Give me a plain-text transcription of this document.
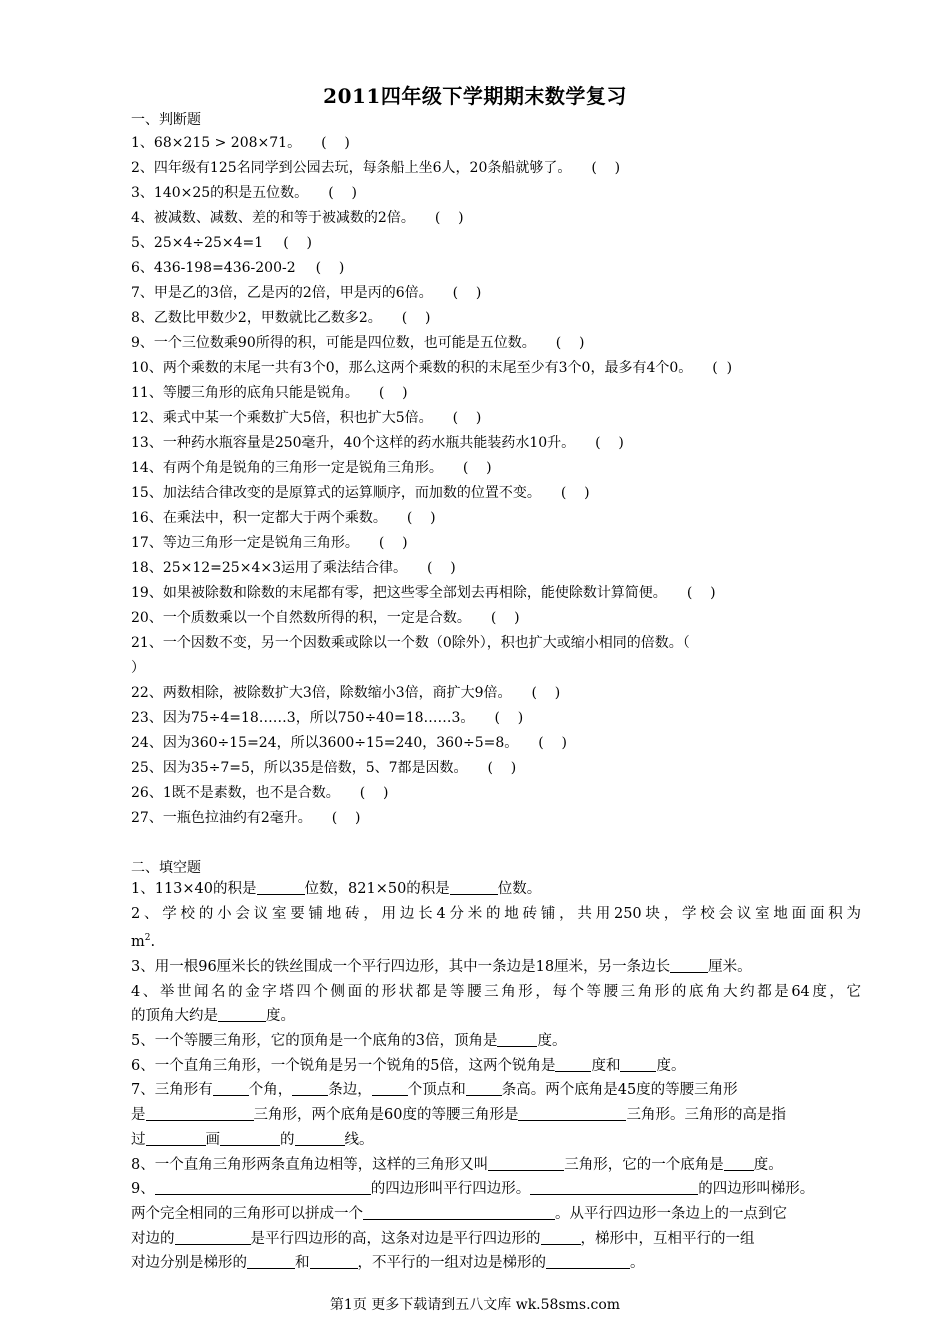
2011四年级下学期期末数学复习
一、判断题
1、68×215 > 208×71。 (    )
2、四年级有125名同学到公园去玩，每条船上坐6人，20条船就够了。 (    )
3、140×25的积是五位数。 (    )
4、被减数、减数、差的和等于被减数的2倍。 (    )
5、25×4÷25×4=1 (    )
6、436-198=436-200-2 (    )
7、甲是乙的3倍，乙是丙的2倍，甲是丙的6倍。 (    )
8、乙数比甲数少2，甲数就比乙数多2。 (    )
9、一个三位数乘90所得的积，可能是四位数，也可能是五位数。 (    )
10、两个乘数的末尾一共有3个0，那么这两个乘数的积的末尾至少有3个0，最多有4个0。 (  )
11、等腰三角形的底角只能是锐角。 (    )
12、乘式中某一个乘数扩大5倍，积也扩大5倍。 (    )
13、一种药水瓶容量是250毫升，40个这样的药水瓶共能装药水10升。 (    )
14、有两个角是锐角的三角形一定是锐角三角形。 (    )
15、加法结合律改变的是原算式的运算顺序，而加数的位置不变。 (    )
16、在乘法中，积一定都大于两个乘数。 (    )
17、等边三角形一定是锐角三角形。 (    )
18、25×12=25×4×3运用了乘法结合律。 (    )
19、如果被除数和除数的末尾都有零，把这些零全部划去再相除，能使除数计算简便。 (    )
20、一个质数乘以一个自然数所得的积，一定是合数。 (    )
21、一个因数不变，另一个因数乘或除以一个数（0除外），积也扩大或缩小相同的倍数。（
）
22、两数相除，被除数扩大3倍，除数缩小3倍，商扩大9倍。 (    )
23、因为75÷4=18……3，所以750÷40=18……3。 (    )
24、因为360÷15=24，所以3600÷15=240，360÷5=8。 (    )
25、因为35÷7=5，所以35是倍数，5、7都是因数。 (    )
26、1既不是素数，也不是合数。 (    )
27、一瓶色拉油约有2毫升。 (    )
二、填空题
1、113×40的积是	位数，821×50的积是	位数。
2、学校的小会议室要铺地砖，用边长4分米的地砖铺，共用250块，学校会议室地面面积为
$m^2$.
3、用一根96厘米长的铁丝围成一个平行四边形，其中一条边是18厘米，另一条边长	厘米。
4、举世闻名的金字塔四个侧面的形状都是等腰三角形，每个等腰三角形的底角大约都是64度，它
的顶角大约是	度。
5、一个等腰三角形，它的顶角是一个底角的3倍，顶角是	度。
6、一个直角三角形，一个锐角是另一个锐角的5倍，这两个锐角是 度和 度。
7、三角形有 个角， 条边， 个顶点和 条高。两个底角是45度的等腰三角形
是	三角形，两个底角是60度的等腰三角形是	三角形。三角形的高是指
过	画	的	线。
8、一个直角三角形两条直角边相等，这样的三角形又叫	三角形，它的一个底角是 度。
9、	的四边形叫平行四边形。	的四边形叫梯形。
两个完全相同的三角形可以拼成一个	。从平行四边形一条边上的一点到它
对边的	是平行四边形的高，这条对边是平行四边形的	，梯形中，互相平行的一组
对边分别是梯形的	和	，不平行的一组对边是梯形的	。
第1页 更多下载请到五八文库 wk.58sms.com
